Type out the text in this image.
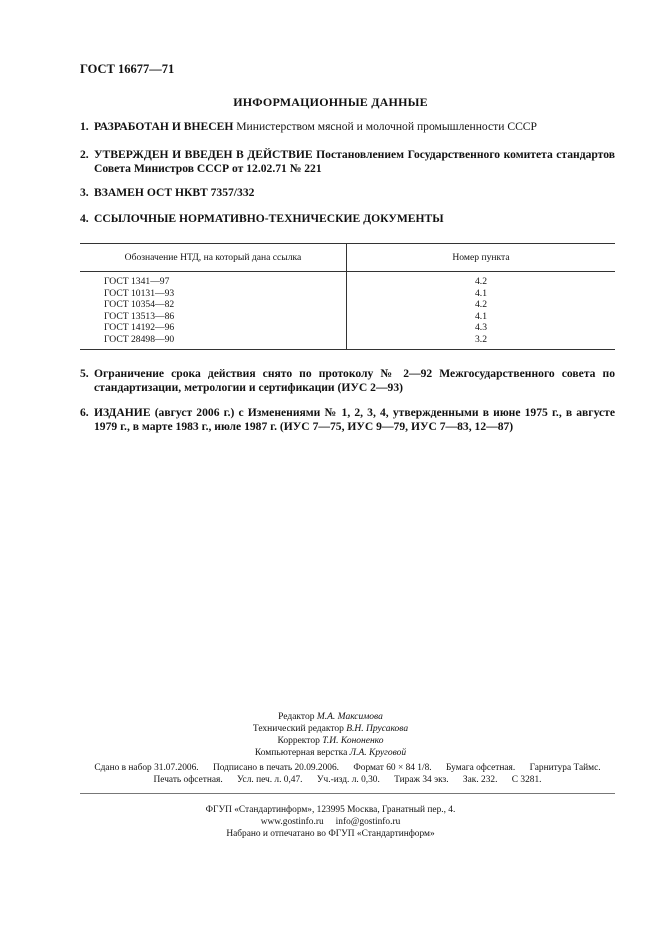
ГОСТ 16677—71
ИНФОРМАЦИОННЫЕ ДАННЫЕ
1. РАЗРАБОТАН И ВНЕСЕН Министерством мясной и молочной промышленности СССР
2. УТВЕРЖДЕН И ВВЕДЕН В ДЕЙСТВИЕ Постановлением Государственного комитета стандартов Совета Министров СССР от 12.02.71 № 221
3. ВЗАМЕН ОСТ НКВТ 7357/332
4. ССЫЛОЧНЫЕ НОРМАТИВНО-ТЕХНИЧЕСКИЕ ДОКУМЕНТЫ
Обозначение НТД, на который дана ссылка	Номер пункта
ГОСТ 1341—97	4.2
ГОСТ 10131—93	4.1
ГОСТ 10354—82	4.2
ГОСТ 13513—86	4.1
ГОСТ 14192—96	4.3
ГОСТ 28498—90	3.2
5. Ограничение срока действия снято по протоколу № 2—92 Межгосударственного совета по стандартизации, метрологии и сертификации (ИУС 2—93)
6. ИЗДАНИЕ (август 2006 г.) с Изменениями № 1, 2, 3, 4, утвержденными в июне 1975 г., в августе 1979 г., в марте 1983 г., июле 1987 г. (ИУС 7—75, ИУС 9—79, ИУС 7—83, 12—87)
Редактор М.А. Максимова
Технический редактор В.Н. Прусакова
Корректор Т.И. Кононенко
Компьютерная верстка Л.А. Круговой
Сдано в набор 31.07.2006. Подписано в печать 20.09.2006. Формат 60 × 84 1/8. Бумага офсетная. Гарнитура Таймс.
Печать офсетная. Усл. печ. л. 0,47. Уч.-изд. л. 0,30. Тираж 34 экз. Зак. 232. С 3281.
ФГУП «Стандартинформ», 123995 Москва, Гранатный пер., 4.
www.gostinfo.ru info@gostinfo.ru
Набрано и отпечатано во ФГУП «Стандартинформ»
